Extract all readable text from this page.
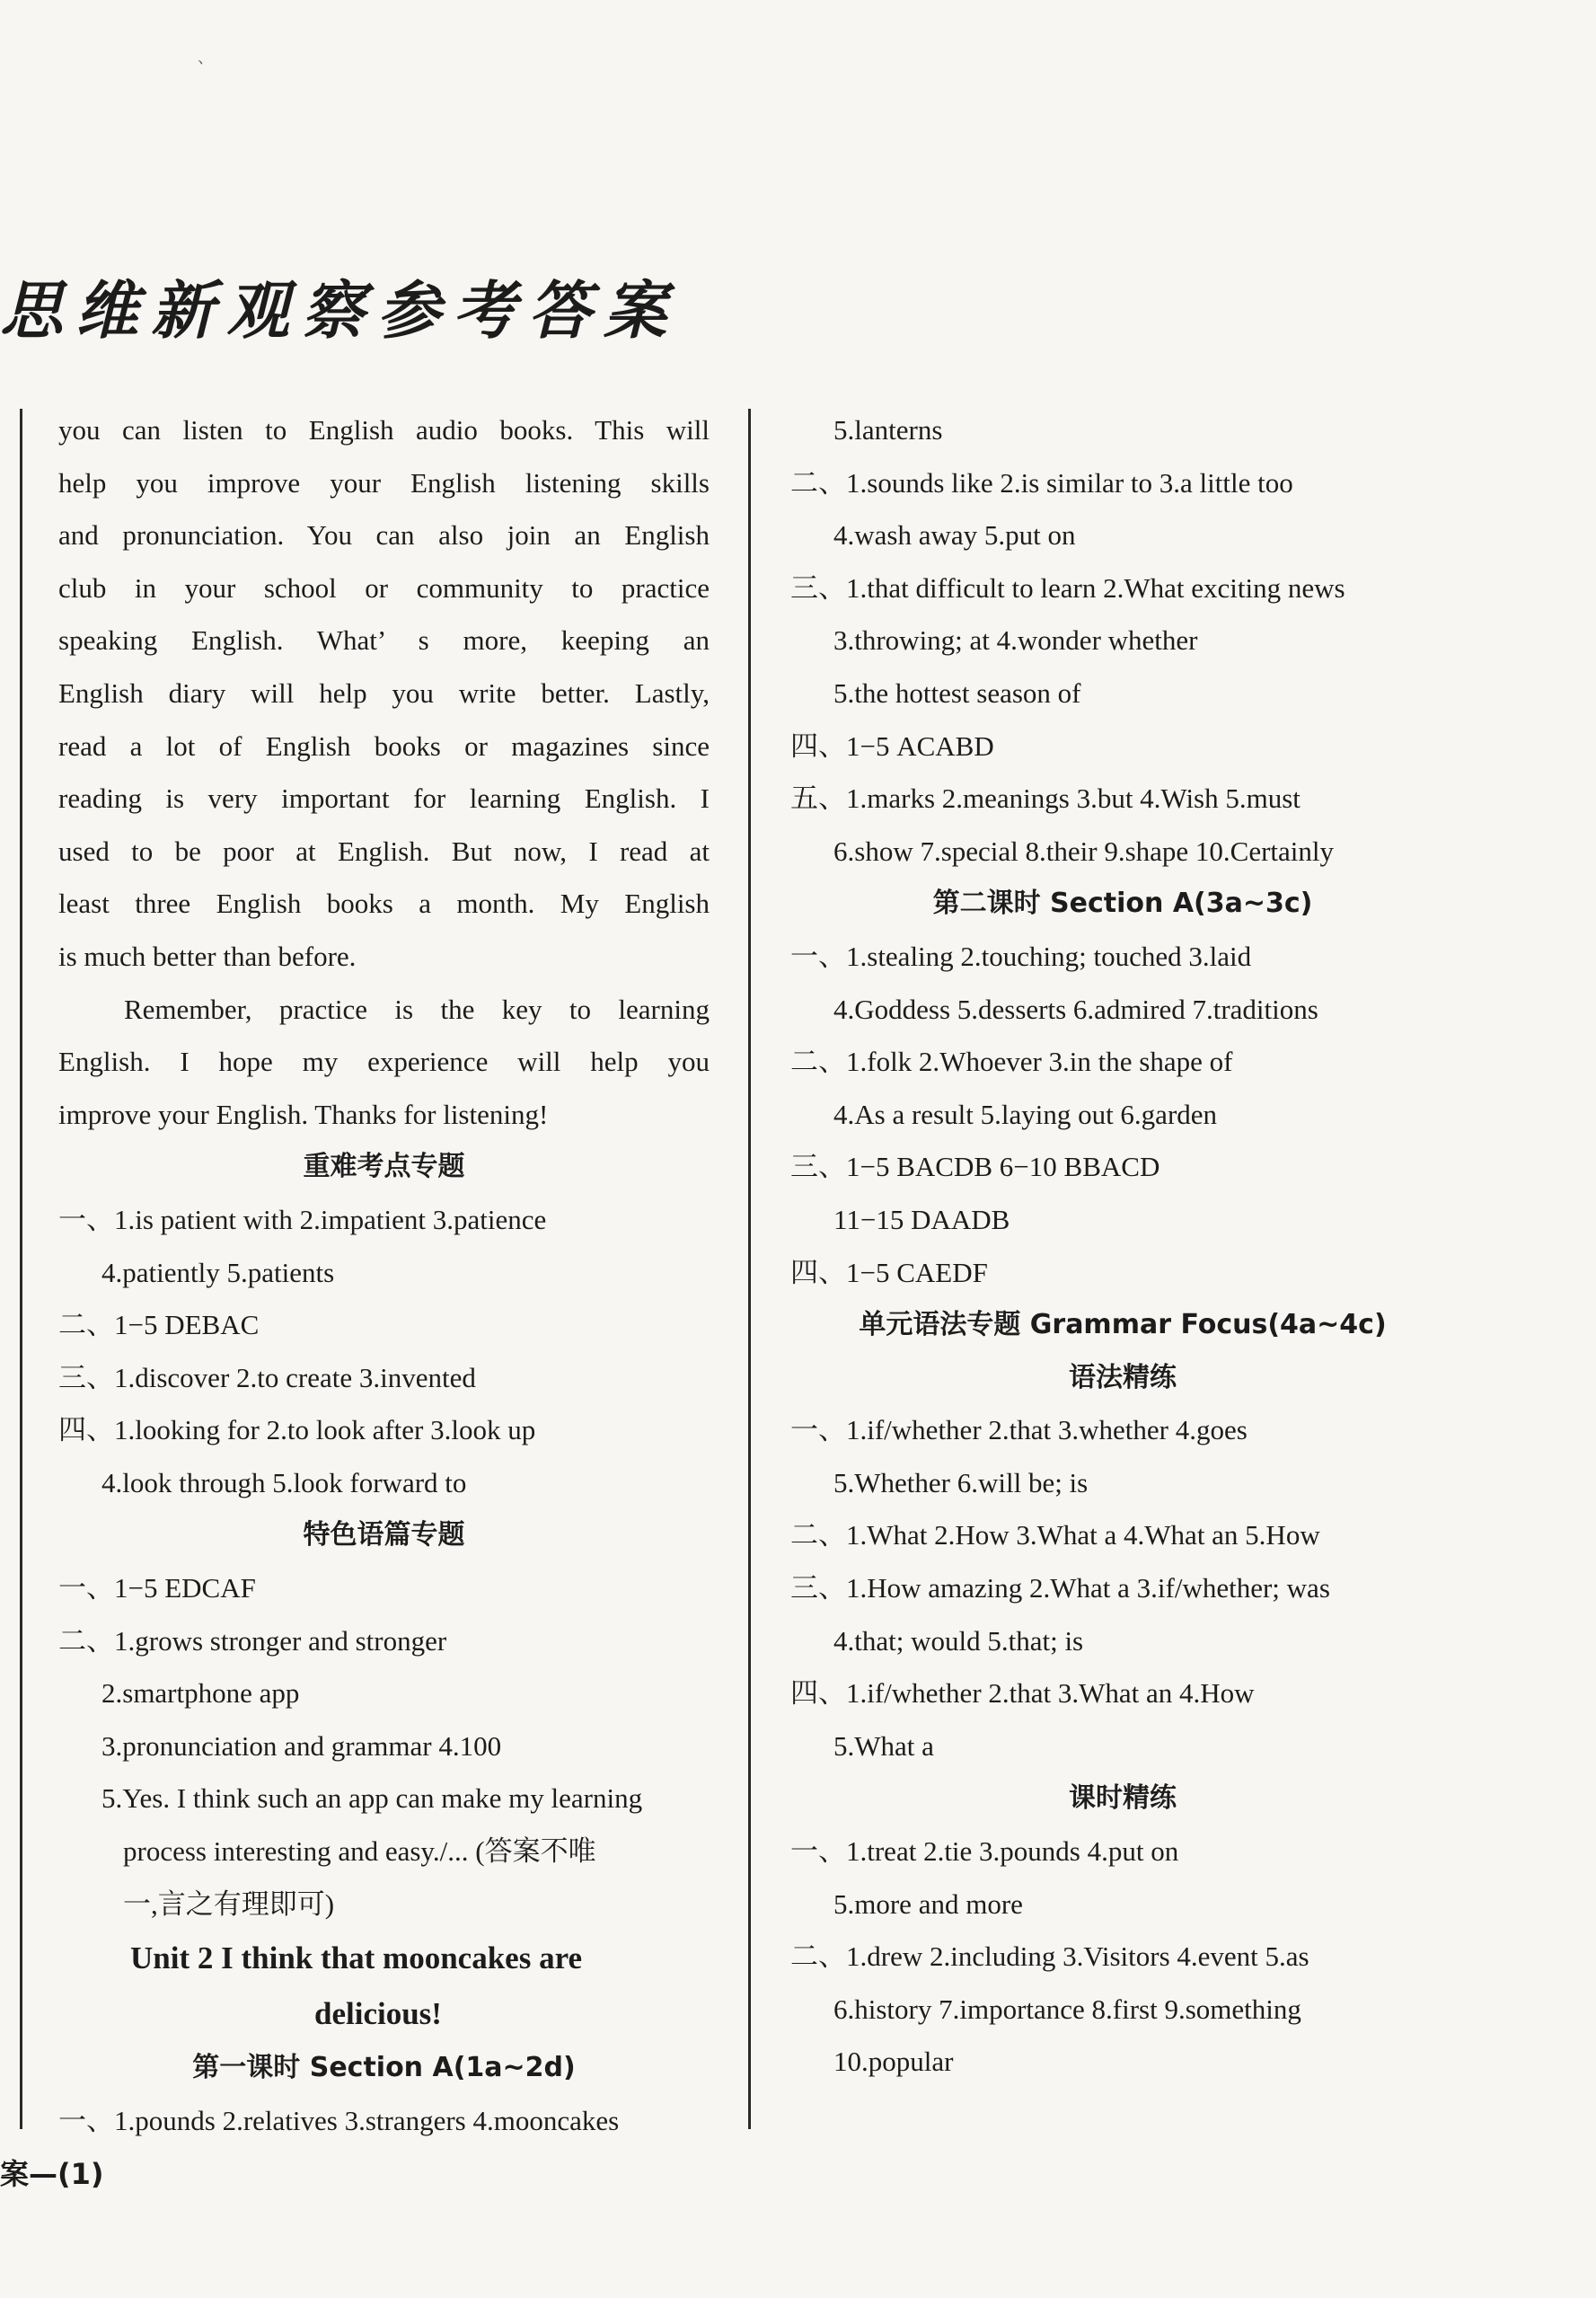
、
思维新观察参考答案
you can listen to English audio books. This will
help you improve your English listening skills
and pronunciation. You can also join an English
club in your school or community to practice
speaking English. What’ s more, keeping an
English diary will help you write better. Lastly,
read a lot of English books or magazines since
reading is very important for learning English. I
used to be poor at English. But now, I read at
least three English books a month. My English
is much better than before.
Remember, practice is the key to learning
English. I hope my experience will help you
improve your English. Thanks for listening!
重难考点专题
一、1.is patient with 2.impatient 3.patience
4.patiently 5.patients
二、1−5 DEBAC
三、1.discover 2.to create 3.invented
四、1.looking for 2.to look after 3.look up
4.look through 5.look forward to
特色语篇专题
一、1−5 EDCAF
二、1.grows stronger and stronger
2.smartphone app
3.pronunciation and grammar 4.100
5.Yes. I think such an app can make my learning
process interesting and easy./... (答案不唯
一,言之有理即可)
Unit 2 I think that mooncakes are
delicious!
第一课时 Section A(1a~2d)
一、1.pounds 2.relatives 3.strangers 4.mooncakes
5.lanterns
二、1.sounds like 2.is similar to 3.a little too
4.wash away 5.put on
三、1.that difficult to learn 2.What exciting news
3.throwing; at 4.wonder whether
5.the hottest season of
四、1−5 ACABD
五、1.marks 2.meanings 3.but 4.Wish 5.must
6.show 7.special 8.their 9.shape 10.Certainly
第二课时 Section A(3a~3c)
一、1.stealing 2.touching; touched 3.laid
4.Goddess 5.desserts 6.admired 7.traditions
二、1.folk 2.Whoever 3.in the shape of
4.As a result 5.laying out 6.garden
三、1−5 BACDB 6−10 BBACD
11−15 DAADB
四、1−5 CAEDF
单元语法专题 Grammar Focus(4a~4c)
语法精练
一、1.if/whether 2.that 3.whether 4.goes
5.Whether 6.will be; is
二、1.What 2.How 3.What a 4.What an 5.How
三、1.How amazing 2.What a 3.if/whether; was
4.that; would 5.that; is
四、1.if/whether 2.that 3.What an 4.How
5.What a
课时精练
一、1.treat 2.tie 3.pounds 4.put on
5.more and more
二、1.drew 2.including 3.Visitors 4.event 5.as
6.history 7.importance 8.first 9.something
10.popular
案—(1)
